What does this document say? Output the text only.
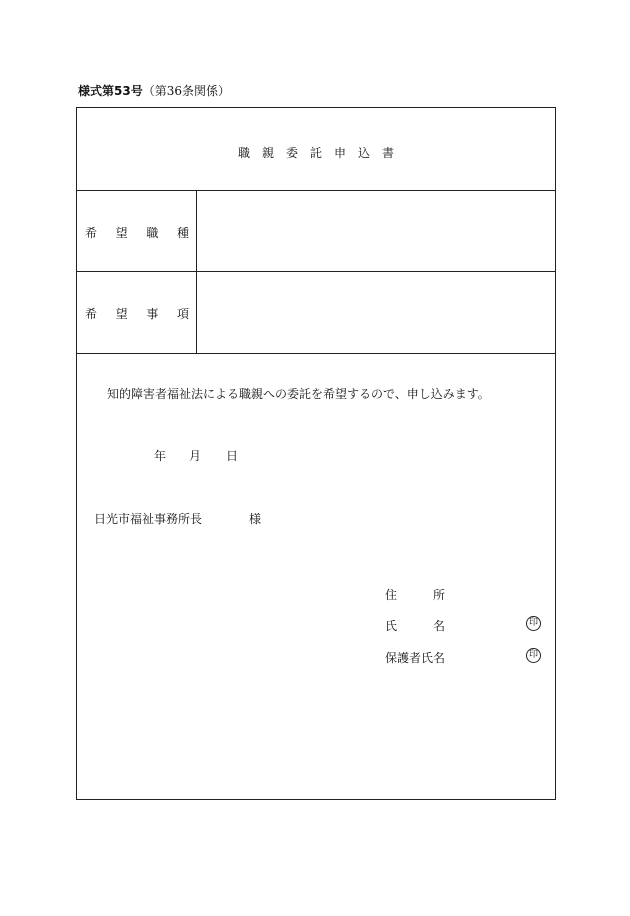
様式第53号（第36条関係）
職親委託申込書
希 望 職 種
希 望 事 項
知的障害者福祉法による職親への委託を希望するので、申し込みます。
年 月 日
日光市福祉事務所長	様
住	所
氏	名	印
保護者氏名	印
